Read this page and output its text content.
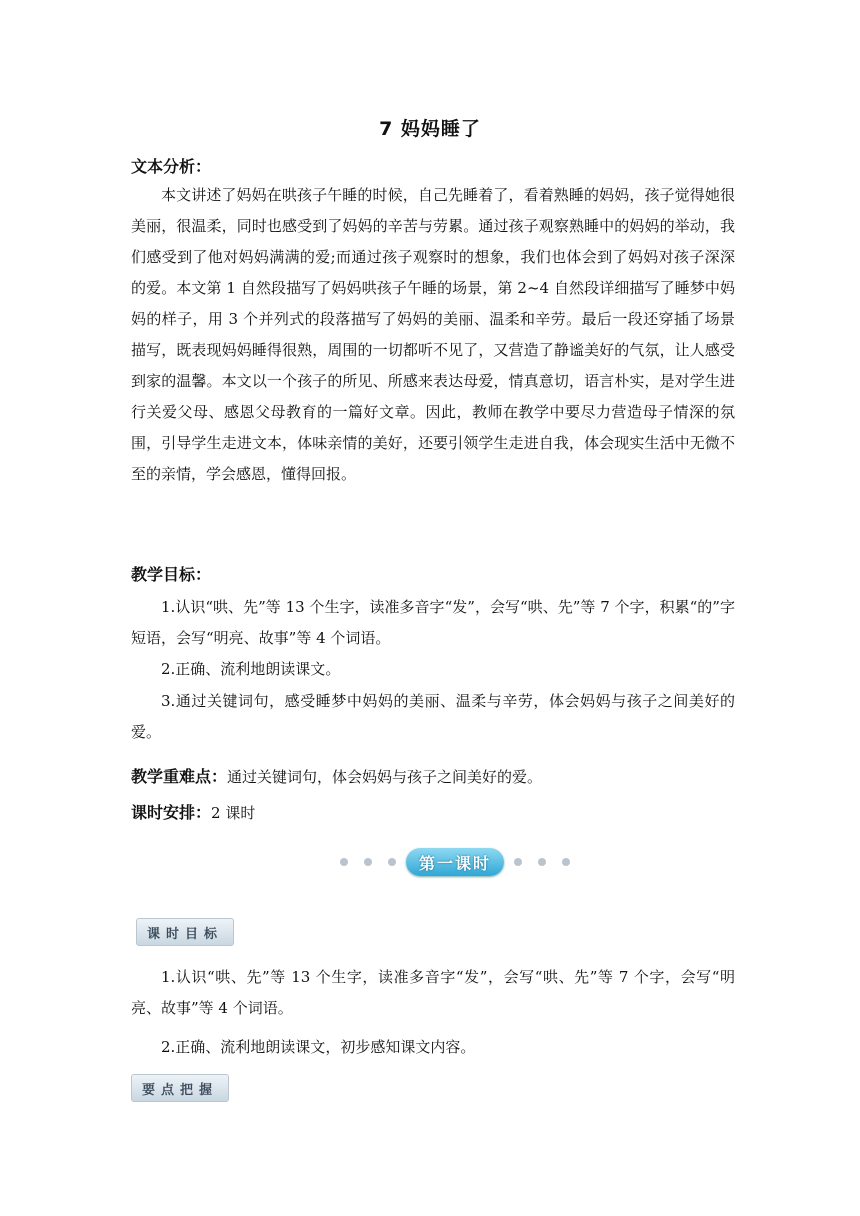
7 妈妈睡了
文本分析：

本文讲述了妈妈在哄孩子午睡的时候，自己先睡着了，看着熟睡的妈妈，孩子觉得她很美丽，很温柔，同时也感受到了妈妈的辛苦与劳累。通过孩子观察熟睡中的妈妈的举动，我们感受到了他对妈妈满满的爱;而通过孩子观察时的想象，我们也体会到了妈妈对孩子深深的爱。本文第 1 自然段描写了妈妈哄孩子午睡的场景，第 2~4 自然段详细描写了睡梦中妈妈的样子，用 3 个并列式的段落描写了妈妈的美丽、温柔和辛劳。最后一段还穿插了场景描写，既表现妈妈睡得很熟，周围的一切都听不见了，又营造了静谧美好的气氛，让人感受到家的温馨。本文以一个孩子的所见、所感来表达母爱，情真意切，语言朴实，是对学生进行关爱父母、感恩父母教育的一篇好文章。因此，教师在教学中要尽力营造母子情深的氛围，引导学生走进文本，体味亲情的美好，还要引领学生走进自我，体会现实生活中无微不至的亲情，学会感恩，懂得回报。

教学目标：

1.认识“哄、先”等 13 个生字，读准多音字“发”，会写“哄、先”等 7 个字，积累“的”字短语，会写“明亮、故事”等 4 个词语。

2.正确、流利地朗读课文。

3.通过关键词句，感受睡梦中妈妈的美丽、温柔与辛劳，体会妈妈与孩子之间美好的爱。

教学重难点：通过关键词句，体会妈妈与孩子之间美好的爱。
课时安排：2 课时
第一课时
课时目标

1.认识“哄、先”等 13 个生字，读准多音字“发”，会写“哄、先”等 7 个字，会写“明亮、故事”等 4 个词语。

2.正确、流利地朗读课文，初步感知课文内容。

要点把握
